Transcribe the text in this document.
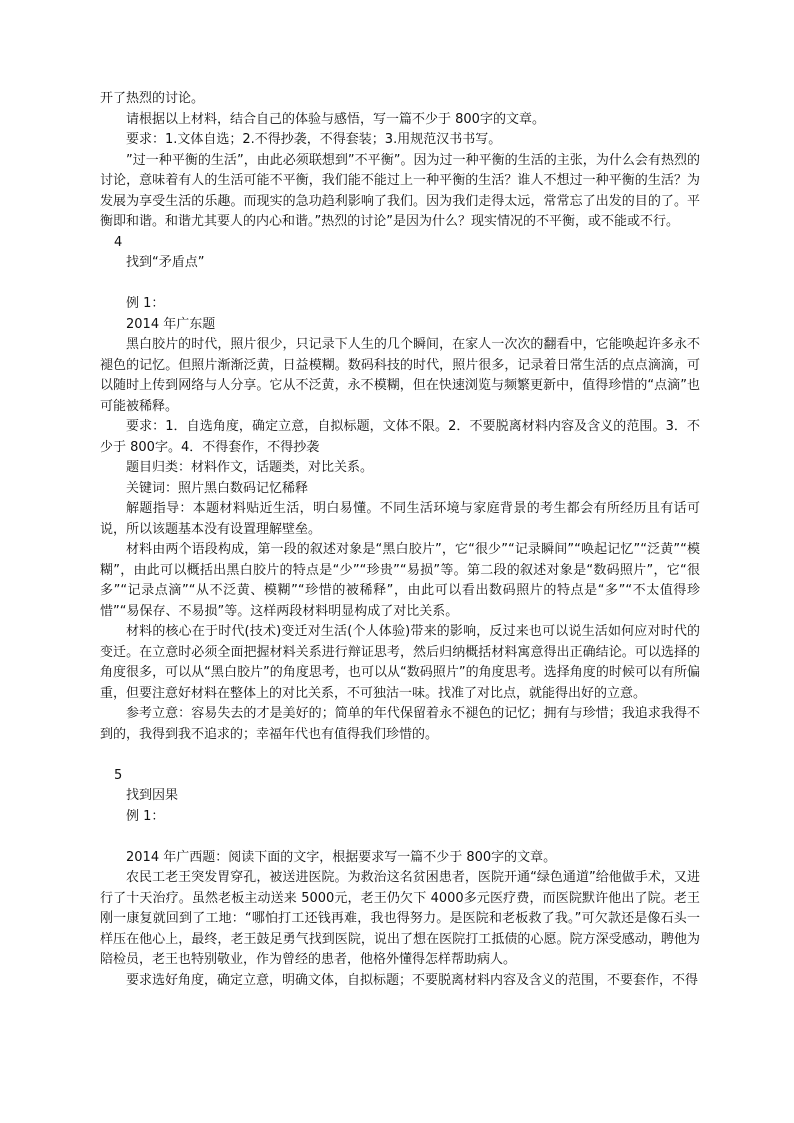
开了热烈的讨论。

请根据以上材料，结合自己的体验与感悟，写一篇不少于 800字的文章。

要求：1.文体自选；2.不得抄袭，不得套装；3.用规范汉书书写。

”过一种平衡的生活”，由此必须联想到”不平衡”。因为过一种平衡的生活的主张，为什么会有热烈的讨论，意味着有人的生活可能不平衡，我们能不能过上一种平衡的生活？谁人不想过一种平衡的生活？为发展为享受生活的乐趣。而现实的急功趋利影响了我们。因为我们走得太远，常常忘了出发的目的了。平衡即和谐。和谐尤其要人的内心和谐。”热烈的讨论”是因为什么？现实情况的不平衡，或不能或不行。

4

找到“矛盾点”

例 1：

2014 年广东题

黑白胶片的时代，照片很少，只记录下人生的几个瞬间，在家人一次次的翻看中，它能唤起许多永不褪色的记忆。但照片渐渐泛黄，日益模糊。数码科技的时代，照片很多，记录着日常生活的点点滴滴，可以随时上传到网络与人分享。它从不泛黄，永不模糊，但在快速浏览与频繁更新中，值得珍惜的“点滴”也可能被稀释。

要求：1．自选角度，确定立意，自拟标题，文体不限。2．不要脱离材料内容及含义的范围。3．不少于 800字。4．不得套作，不得抄袭

题目归类：材料作文，话题类，对比关系。

关键词：照片黑白数码记忆稀释

解题指导：本题材料贴近生活，明白易懂。不同生活环境与家庭背景的考生都会有所经历且有话可说，所以该题基本没有设置理解壁垒。

材料由两个语段构成，第一段的叙述对象是“黑白胶片”，它“很少”“记录瞬间”“唤起记忆”“泛黄”“模糊”，由此可以概括出黑白胶片的特点是“少”“珍贵”“易损”等。第二段的叙述对象是“数码照片”，它“很多”“记录点滴”“从不泛黄、模糊”“珍惜的被稀释”，由此可以看出数码照片的特点是“多”“不太值得珍惜”“易保存、不易损”等。这样两段材料明显构成了对比关系。

材料的核心在于时代(技术)变迁对生活(个人体验)带来的影响，反过来也可以说生活如何应对时代的变迁。在立意时必须全面把握材料关系进行辩证思考，然后归纳概括材料寓意得出正确结论。可以选择的角度很多，可以从“黑白胶片”的角度思考，也可以从“数码照片”的角度思考。选择角度的时候可以有所偏重，但要注意好材料在整体上的对比关系，不可独沽一味。找准了对比点，就能得出好的立意。

参考立意：容易失去的才是美好的；简单的年代保留着永不褪色的记忆；拥有与珍惜；我追求我得不到的，我得到我不追求的；幸福年代也有值得我们珍惜的。

5

找到因果

例 1：

2014 年广西题：阅读下面的文字，根据要求写一篇不少于 800字的文章。

农民工老王突发胃穿孔，被送进医院。为救治这名贫困患者，医院开通“绿色通道”给他做手术，又进行了十天治疗。虽然老板主动送来 5000元，老王仍欠下 4000多元医疗费，而医院默许他出了院。老王刚一康复就回到了工地：“哪怕打工还钱再难，我也得努力。是医院和老板救了我。”可欠款还是像石头一样压在他心上，最终，老王鼓足勇气找到医院，说出了想在医院打工抵债的心愿。院方深受感动，聘他为陪检员，老王也特别敬业，作为曾经的患者，他格外懂得怎样帮助病人。

要求选好角度，确定立意，明确文体，自拟标题；不要脱离材料内容及含义的范围，不要套作，不得
